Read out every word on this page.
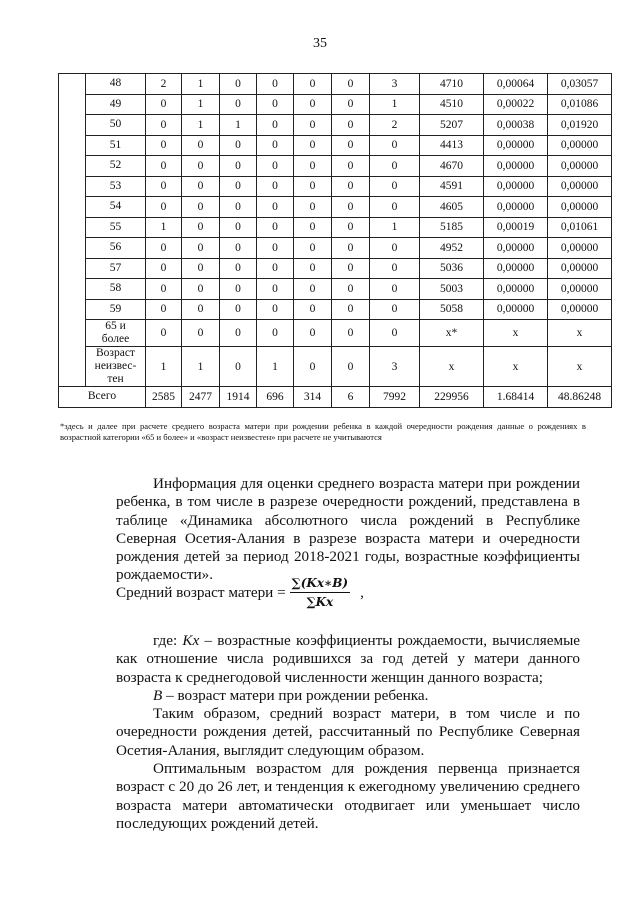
35
	48	2	1	0	0	0	0	3	4710	0,00064	0,03057
	49	0	1	0	0	0	0	1	4510	0,00022	0,01086
	50	0	1	1	0	0	0	2	5207	0,00038	0,01920
	51	0	0	0	0	0	0	0	4413	0,00000	0,00000
	52	0	0	0	0	0	0	0	4670	0,00000	0,00000
	53	0	0	0	0	0	0	0	4591	0,00000	0,00000
	54	0	0	0	0	0	0	0	4605	0,00000	0,00000
	55	1	0	0	0	0	0	1	5185	0,00019	0,01061
	56	0	0	0	0	0	0	0	4952	0,00000	0,00000
	57	0	0	0	0	0	0	0	5036	0,00000	0,00000
	58	0	0	0	0	0	0	0	5003	0,00000	0,00000
	59	0	0	0	0	0	0	0	5058	0,00000	0,00000
	65 и
более	0	0	0	0	0	0	0	х*	х	х
	Возраст
неизвес-
тен	1	1	0	1	0	0	3	х	х	х
Всего		2585	2477	1914	696	314	6	7992	229956	1.68414	48.86248
*здесь и далее при расчете среднего возраста матери при рождении ребенка в каждой очередности рождения данные о рождениях в возрастной категории «65 и более» и «возраст неизвестен» при расчете не учитываются
Информация для оценки среднего возраста матери при рождении ребенка, в том числе в разрезе очередности рождений, представлена в таблице «Динамика абсолютного числа рождений в Республике Северная Осетия-Алания в разрезе возраста матери и очередности рождения детей за период 2018-2021 годы, возрастные коэффициенты рождаемости».
Средний возраст матери = $\frac{\sum(Kx∗B)}{\sum Kx}$ ,
где: Kx – возрастные коэффициенты рождаемости, вычисляемые как отношение числа родившихся за год детей у матери данного возраста к среднегодовой численности женщин данного возраста;
В – возраст матери при рождении ребенка.
Таким образом, средний возраст матери, в том числе и по очередности рождения детей, рассчитанный по Республике Северная Осетия-Алания, выглядит следующим образом.
Оптимальным возрастом для рождения первенца признается возраст с 20 до 26 лет, и тенденция к ежегодному увеличению среднего возраста матери автоматически отодвигает или уменьшает число последующих рождений детей.
